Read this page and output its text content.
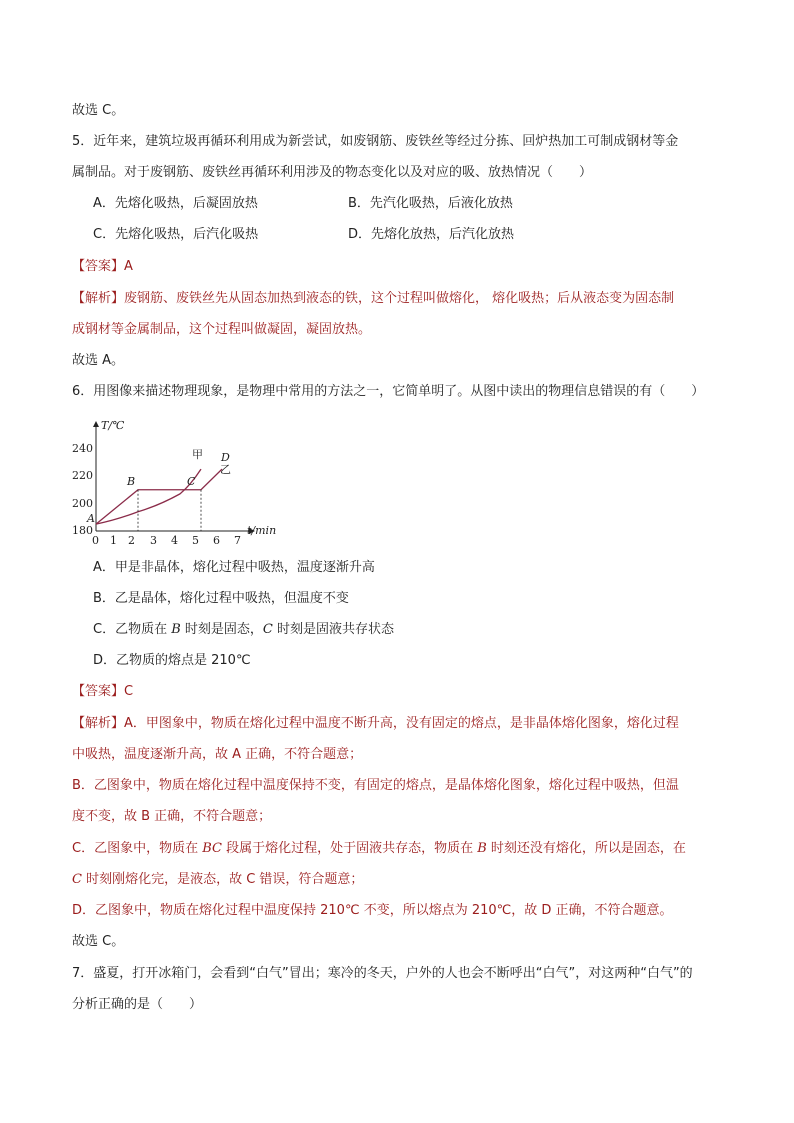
故选 C。
5．近年来，建筑垃圾再循环利用成为新尝试，如废钢筋、废铁丝等经过分拣、回炉热加工可制成钢材等金
属制品。对于废钢筋、废铁丝再循环利用涉及的物态变化以及对应的吸、放热情况（　　）
A．先熔化吸热，后凝固放热	B．先汽化吸热，后液化放热
C．先熔化吸热，后汽化吸热	D．先熔化放热，后汽化放热
【答案】A
【解析】废钢筋、废铁丝先从固态加热到液态的铁，这个过程叫做熔化， 熔化吸热；后从液态变为固态制
成钢材等金属制品，这个过程叫做凝固，凝固放热。
故选 A。
6．用图像来描述物理现象，是物理中常用的方法之一，它简单明了。从图中读出的物理信息错误的有（　　）
T/℃
t/min
240
220
200
180
0 1 2 3 4 5 6 7
A
B	C
D
甲
乙
A．甲是非晶体，熔化过程中吸热，温度逐渐升高
B．乙是晶体，熔化过程中吸热，但温度不变
C．乙物质在 B 时刻是固态，C 时刻是固液共存状态
D．乙物质的熔点是 210℃
【答案】C
【解析】A．甲图象中，物质在熔化过程中温度不断升高，没有固定的熔点，是非晶体熔化图象，熔化过程
中吸热，温度逐渐升高，故 A 正确，不符合题意；
B．乙图象中，物质在熔化过程中温度保持不变，有固定的熔点，是晶体熔化图象，熔化过程中吸热，但温
度不变，故 B 正确，不符合题意；
C．乙图象中，物质在 BC 段属于熔化过程，处于固液共存态，物质在 B 时刻还没有熔化，所以是固态，在
C 时刻刚熔化完，是液态，故 C 错误，符合题意；
D．乙图象中，物质在熔化过程中温度保持 210℃ 不变，所以熔点为 210℃，故 D 正确，不符合题意。
故选 C。
7．盛夏，打开冰箱门，会看到“白气”冒出；寒冷的冬天，户外的人也会不断呼出“白气”，对这两种“白气”的
分析正确的是（　　）
